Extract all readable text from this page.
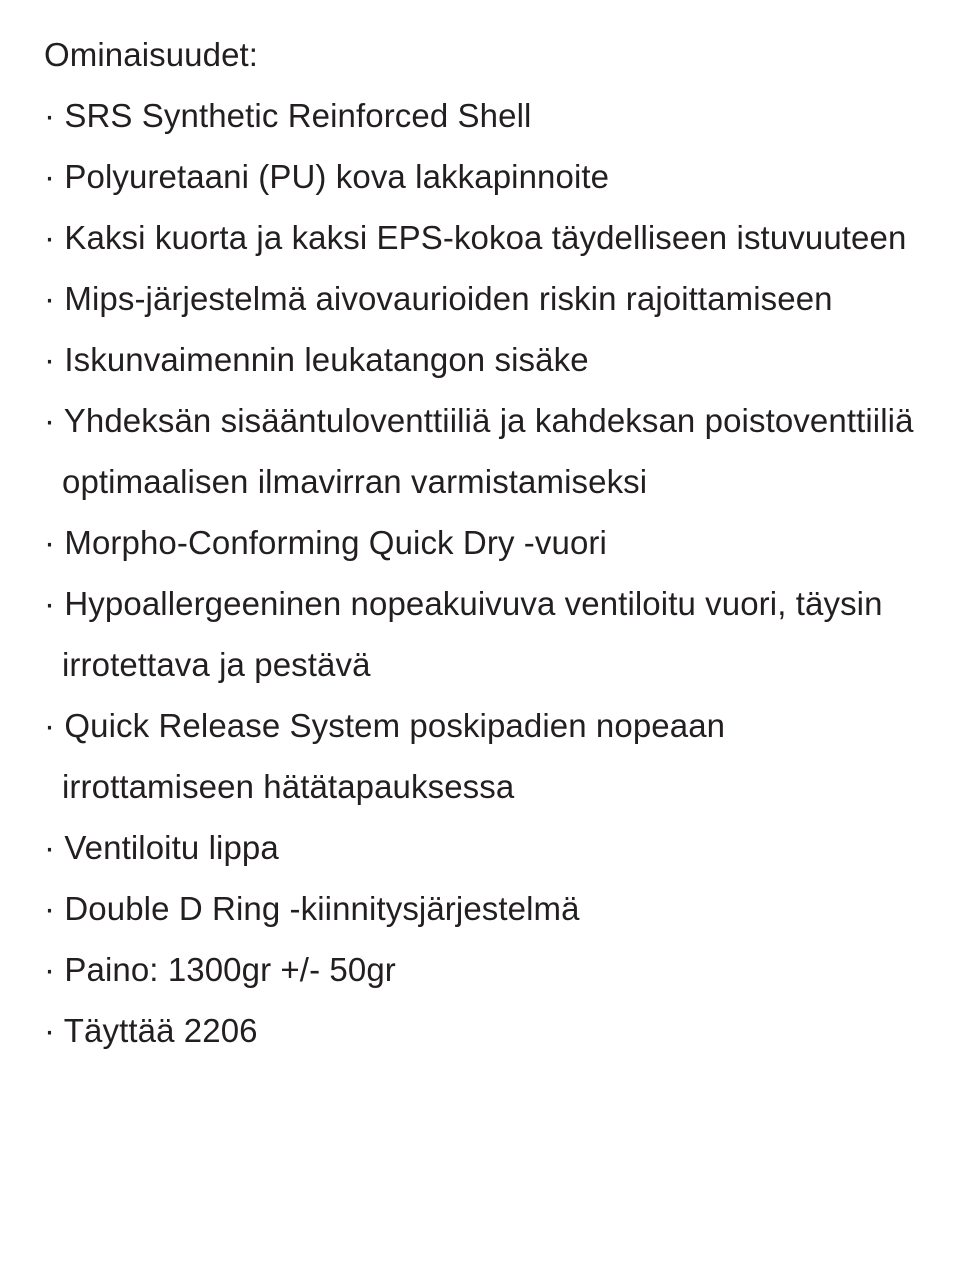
Ominaisuudet:
· SRS Synthetic Reinforced Shell
· Polyuretaani (PU) kova lakkapinnoite
· Kaksi kuorta ja kaksi EPS-kokoa täydelliseen istuvuuteen
· Mips-järjestelmä aivovaurioiden riskin rajoittamiseen
· Iskunvaimennin leukatangon sisäke
· Yhdeksän sisääntuloventtiiliä ja kahdeksan poistoventtiiliä optimaalisen ilmavirran varmistamiseksi
· Morpho-Conforming Quick Dry -vuori
· Hypoallergeeninen nopeakuivuva ventiloitu vuori, täysin irrotettava ja pestävä
· Quick Release System poskipadien nopeaan irrottamiseen hätätapauksessa
· Ventiloitu lippa
· Double D Ring -kiinnitysjärjestelmä
· Paino: 1300gr +/- 50gr
· Täyttää 2206
